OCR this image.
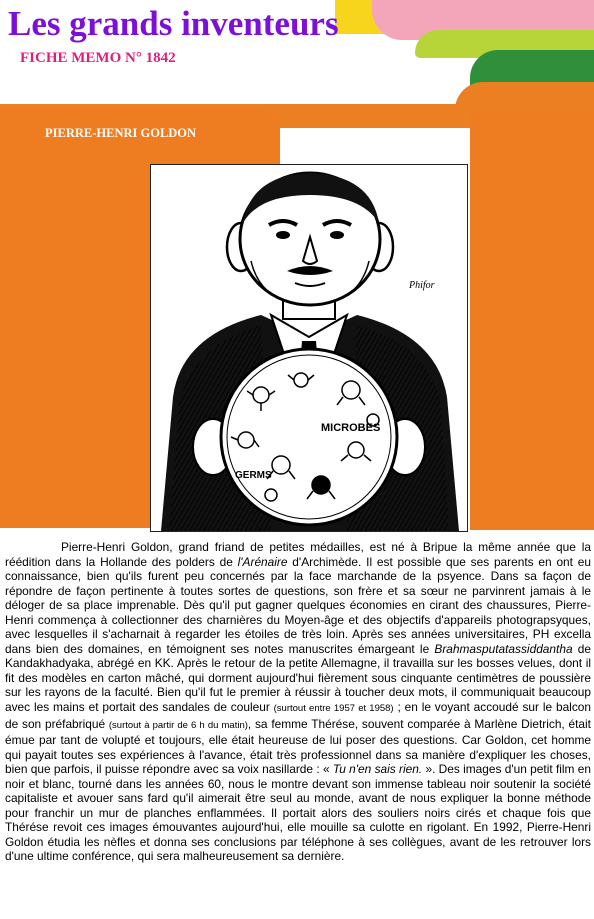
Les grands inventeurs
FICHE MEMO N° 1842
PIERRE-HENRI GOLDON
Phifor
MICROBES
GERMS

Pierre-Henri Goldon, grand friand de petites médailles, est né à Bripue la même année que la réédition dans la Hollande des polders de l'Arénaire d'Archimède. Il est possible que ses parents en ont eu connaissance, bien qu'ils furent peu concernés par la face marchande de la psyence. Dans sa façon de répondre de façon pertinente à toutes sortes de questions, son frère et sa sœur ne parvinrent jamais à le déloger de sa place imprenable. Dès qu'il put gagner quelques économies en cirant des chaussures, Pierre-Henri commença à collectionner des charnières du Moyen-âge et des objectifs d'appareils photograpsyques, avec lesquelles il s'acharnait à regarder les étoiles de très loin. Après ses années universitaires, PH excella dans bien des domaines, en témoignent ses notes manuscrites émargeant le Brahmasputatassiddantha de Kandakhadyaka, abrégé en KK. Après le retour de la petite Allemagne, il travailla sur les bosses velues, dont il fit des modèles en carton mâché, qui dorment aujourd'hui fièrement sous cinquante centimètres de poussière sur les rayons de la faculté. Bien qu'il fut le premier à réussir à toucher deux mots, il communiquait beaucoup avec les mains et portait des sandales de couleur (surtout entre 1957 et 1958) ; en le voyant accoudé sur le balcon de son préfabriqué (surtout à partir de 6 h du matin), sa femme Thérése, souvent comparée à Marlène Dietrich, était émue par tant de volupté et toujours, elle était heureuse de lui poser des questions. Car Goldon, cet homme qui payait toutes ses expériences à l'avance, était très professionnel dans sa manière d'expliquer les choses, bien que parfois, il puisse répondre avec sa voix nasillarde : « Tu n'en sais rien. ». Des images d'un petit film en noir et blanc, tourné dans les années 60, nous le montre devant son immense tableau noir soutenir la société capitaliste et avouer sans fard qu'il aimerait être seul au monde, avant de nous expliquer la bonne méthode pour franchir un mur de planches enflammées. Il portait alors des souliers noirs cirés et chaque fois que Thérése revoit ces images émouvantes aujourd'hui, elle mouille sa culotte en rigolant. En 1992, Pierre-Henri Goldon étudia les nèfles et donna ses conclusions par téléphone à ses collègues, avant de les retrouver lors d'une ultime conférence, qui sera malheureusement sa dernière.
